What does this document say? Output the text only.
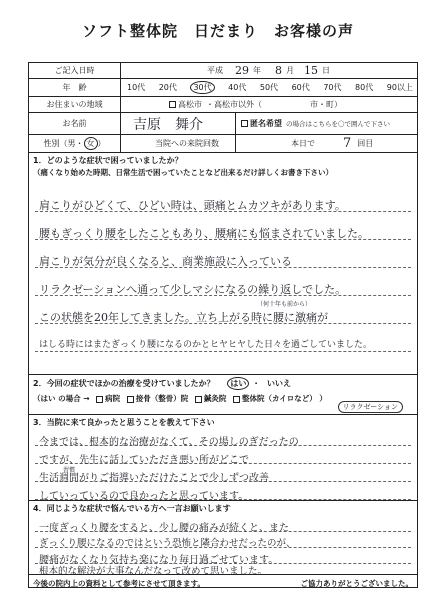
ソフト整体院　日だまり　お客様の声
ご記入日時	平成 29 年 8 月 15 日
年　齢	10代 20代	30代	40代 50代 60代 70代 80代 90以上
お住まいの地域	高松市 ・ 高松市以外（	市・町）
お名前	吉原　舞介	匿名希望 の場合はこちらを〇で囲んで下さい
性別（ 男 ・ 女 ）	当院への来院回数	本日で 7 回目
1．どのような症状で困っていましたか？
（痛くなり始めた時期、日常生活で困っていたことなど出来るだけ詳しくお書き下さい）
肩こりがひどくて、ひどい時は、頭痛とムカツキがあります。
腰もぎっくり腰をしたこともあり、腰痛にも悩まされていました。
肩こりが気分が良くなると、商業施設に入っている
リラクゼーションへ通って少しマシになるの繰り返しでした。
この状態を20年してきました。立ち上がる時に腰に激痛が
はしる時にはまたぎっくり腰になるのかとヒヤヒヤした日々を過ごしていました。
（何十年も前から）
2．今回の症状でほかの治療を受けていましたか？ はい ・ いいえ
（はい の場合 → 病院 接骨（整骨）院 鍼灸院 整体院（カイロなど） ）
リラクゼーション
3．当院に来て良かったと思うことを教えて下さい
今までは、根本的な治療がなくて、その場しのぎだったの
ですが、先生に話していただき悪い所がどこで
生活週間がりご指導いただけたことで少しずつ改善
していっているので良かったと思っています。
習慣
4．同じような症状で悩んでいる方へ一言お願いします
一度ぎっくり腰をすると、少し腰の痛みが続くと、また
ぎっくり腰になるのではという恐怖と隣合わせだったのが、
腰痛がなくなり気持ち楽になり毎日過ごせています。
根本的な解決が大事なんだなって改めて思いました。
今後の院内上の資料として参考にさせて頂きます。	ご協力ありがとうございました。
